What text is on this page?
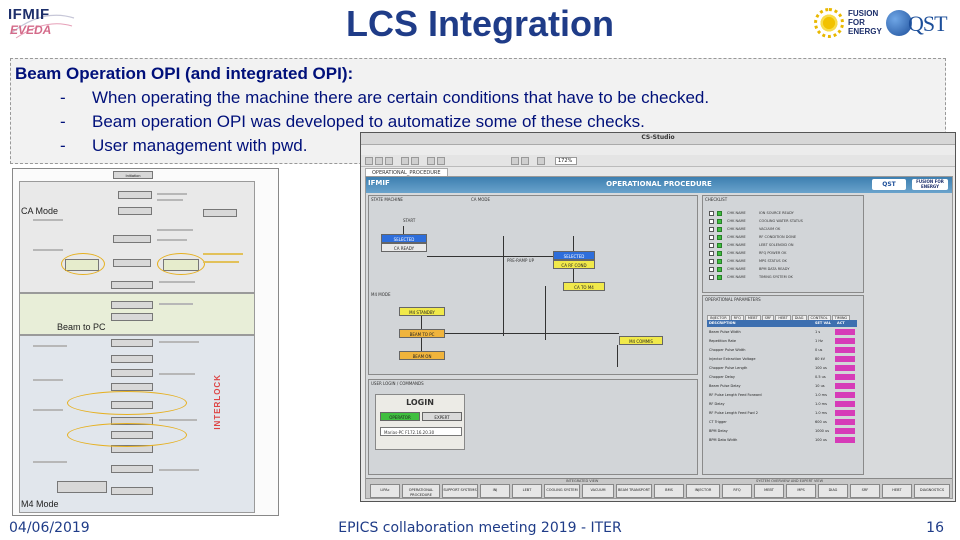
IFMIF
EVEDA	LCS Integration	FUSION
FOR
ENERGY QST
Beam Operation OPI (and integrated OPI):
- When operating the machine there are certain conditions that have to be checked.
- Beam operation OPI was developed to automatize some of these checks.
- User management with pwd.
Initiation
CA Mode
Beam to PC
M4 Mode
INTERLOCK
CS-Studio

172%
OPERATIONAL_PROCEDURE
IFMIF	OPERATIONAL PROCEDURE	QST	FUSION FOR ENERGY
STATE MACHINE	CA MODE
M4 MODE
START
SELECTED
CA READY
PRE-RAMP UP
SELECTED
CA RF COND
CA TO M4
M4 STANDBY
BEAM TO PC
BEAM ON
M4 COMMIS
CHECKLIST
CHK NAME	ION SOURCE READY
CHK NAME	COOLING WATER STATUS
CHK NAME	VACUUM OK
CHK NAME	RF CONDITION DONE
CHK NAME	LEBT SOLENOID ON
CHK NAME	RFQ POWER OK
CHK NAME	MPS STATUS OK
CHK NAME	BPM DATA READY
CHK NAME	TIMING SYSTEM OK
OPERATIONAL PARAMETERS
INJECTOR RFQ MEBT SRF HEBT DIAG CONTROL TIMING
DESCRIPTION	SET VAL ACT
Beam Pulse Width	1 s
Repetition Rate	1 Hz
Chopper Pulse Width	0 us
Injector Extraction Voltage	80 kV
Chopper Pulse Length	100 us
Chopper Delay	0.5 us
Beam Pulse Delay	10 us
RF Pulse Length Feed Forward	1.0 ms
RF Delay	1.0 ms
RF Pulse Length Feed Fwd 2	1.0 ms
CT Trigger	600 us
BPM Delay	1000 us
BPM Data Width	100 us
USER LOGIN / COMMANDS
LOGIN
OPERATOR	EXPERT
Marias-PC F172.16.20.30
INTEGRATED VIEW	SYSTEM OVERVIEW AND EXPERT VIEW
LIPAc	OPERATIONAL PROCEDURE
SUPPORT SYSTEMS	INJ	LEBT	COOLING SYSTEM	VACUUM	BEAM TRANSPORT	BMS	INJECTOR	RFQ	MEBT	MPS	DIAG	SRF	HEBT	DIAGNOSTICS
04/06/2019	EPICS collaboration meeting 2019 - ITER	16
